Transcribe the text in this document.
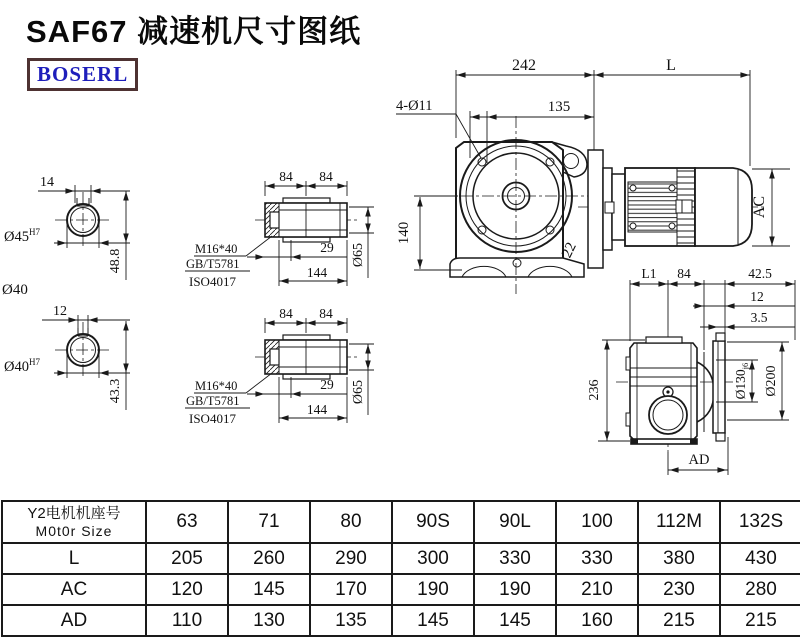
SAF67 减速机尺寸图纸
BOSERL	242	L
135
4-Ø11
140
AC
22
14
$Ø45^{H7}$
48.8
Ø40
12
$Ø40^{H7}$
43.3
84 84
29
144
Ø65
M16*40
GB/T5781
ISO4017
84 84
29
144
Ø65
M16*40
GB/T5781
ISO4017
L1 84	42.5
12
3.5
236	$Ø130_{j6}$ Ø200
AD
Y2电机机座号
M0t0r Size	63	71	80	90S	90L	100	112M	132S
L	205	260	290	300	330	330	380	430
AC	120	145	170	190	190	210	230	280
AD	110	130	135	145	145	160	215	215
